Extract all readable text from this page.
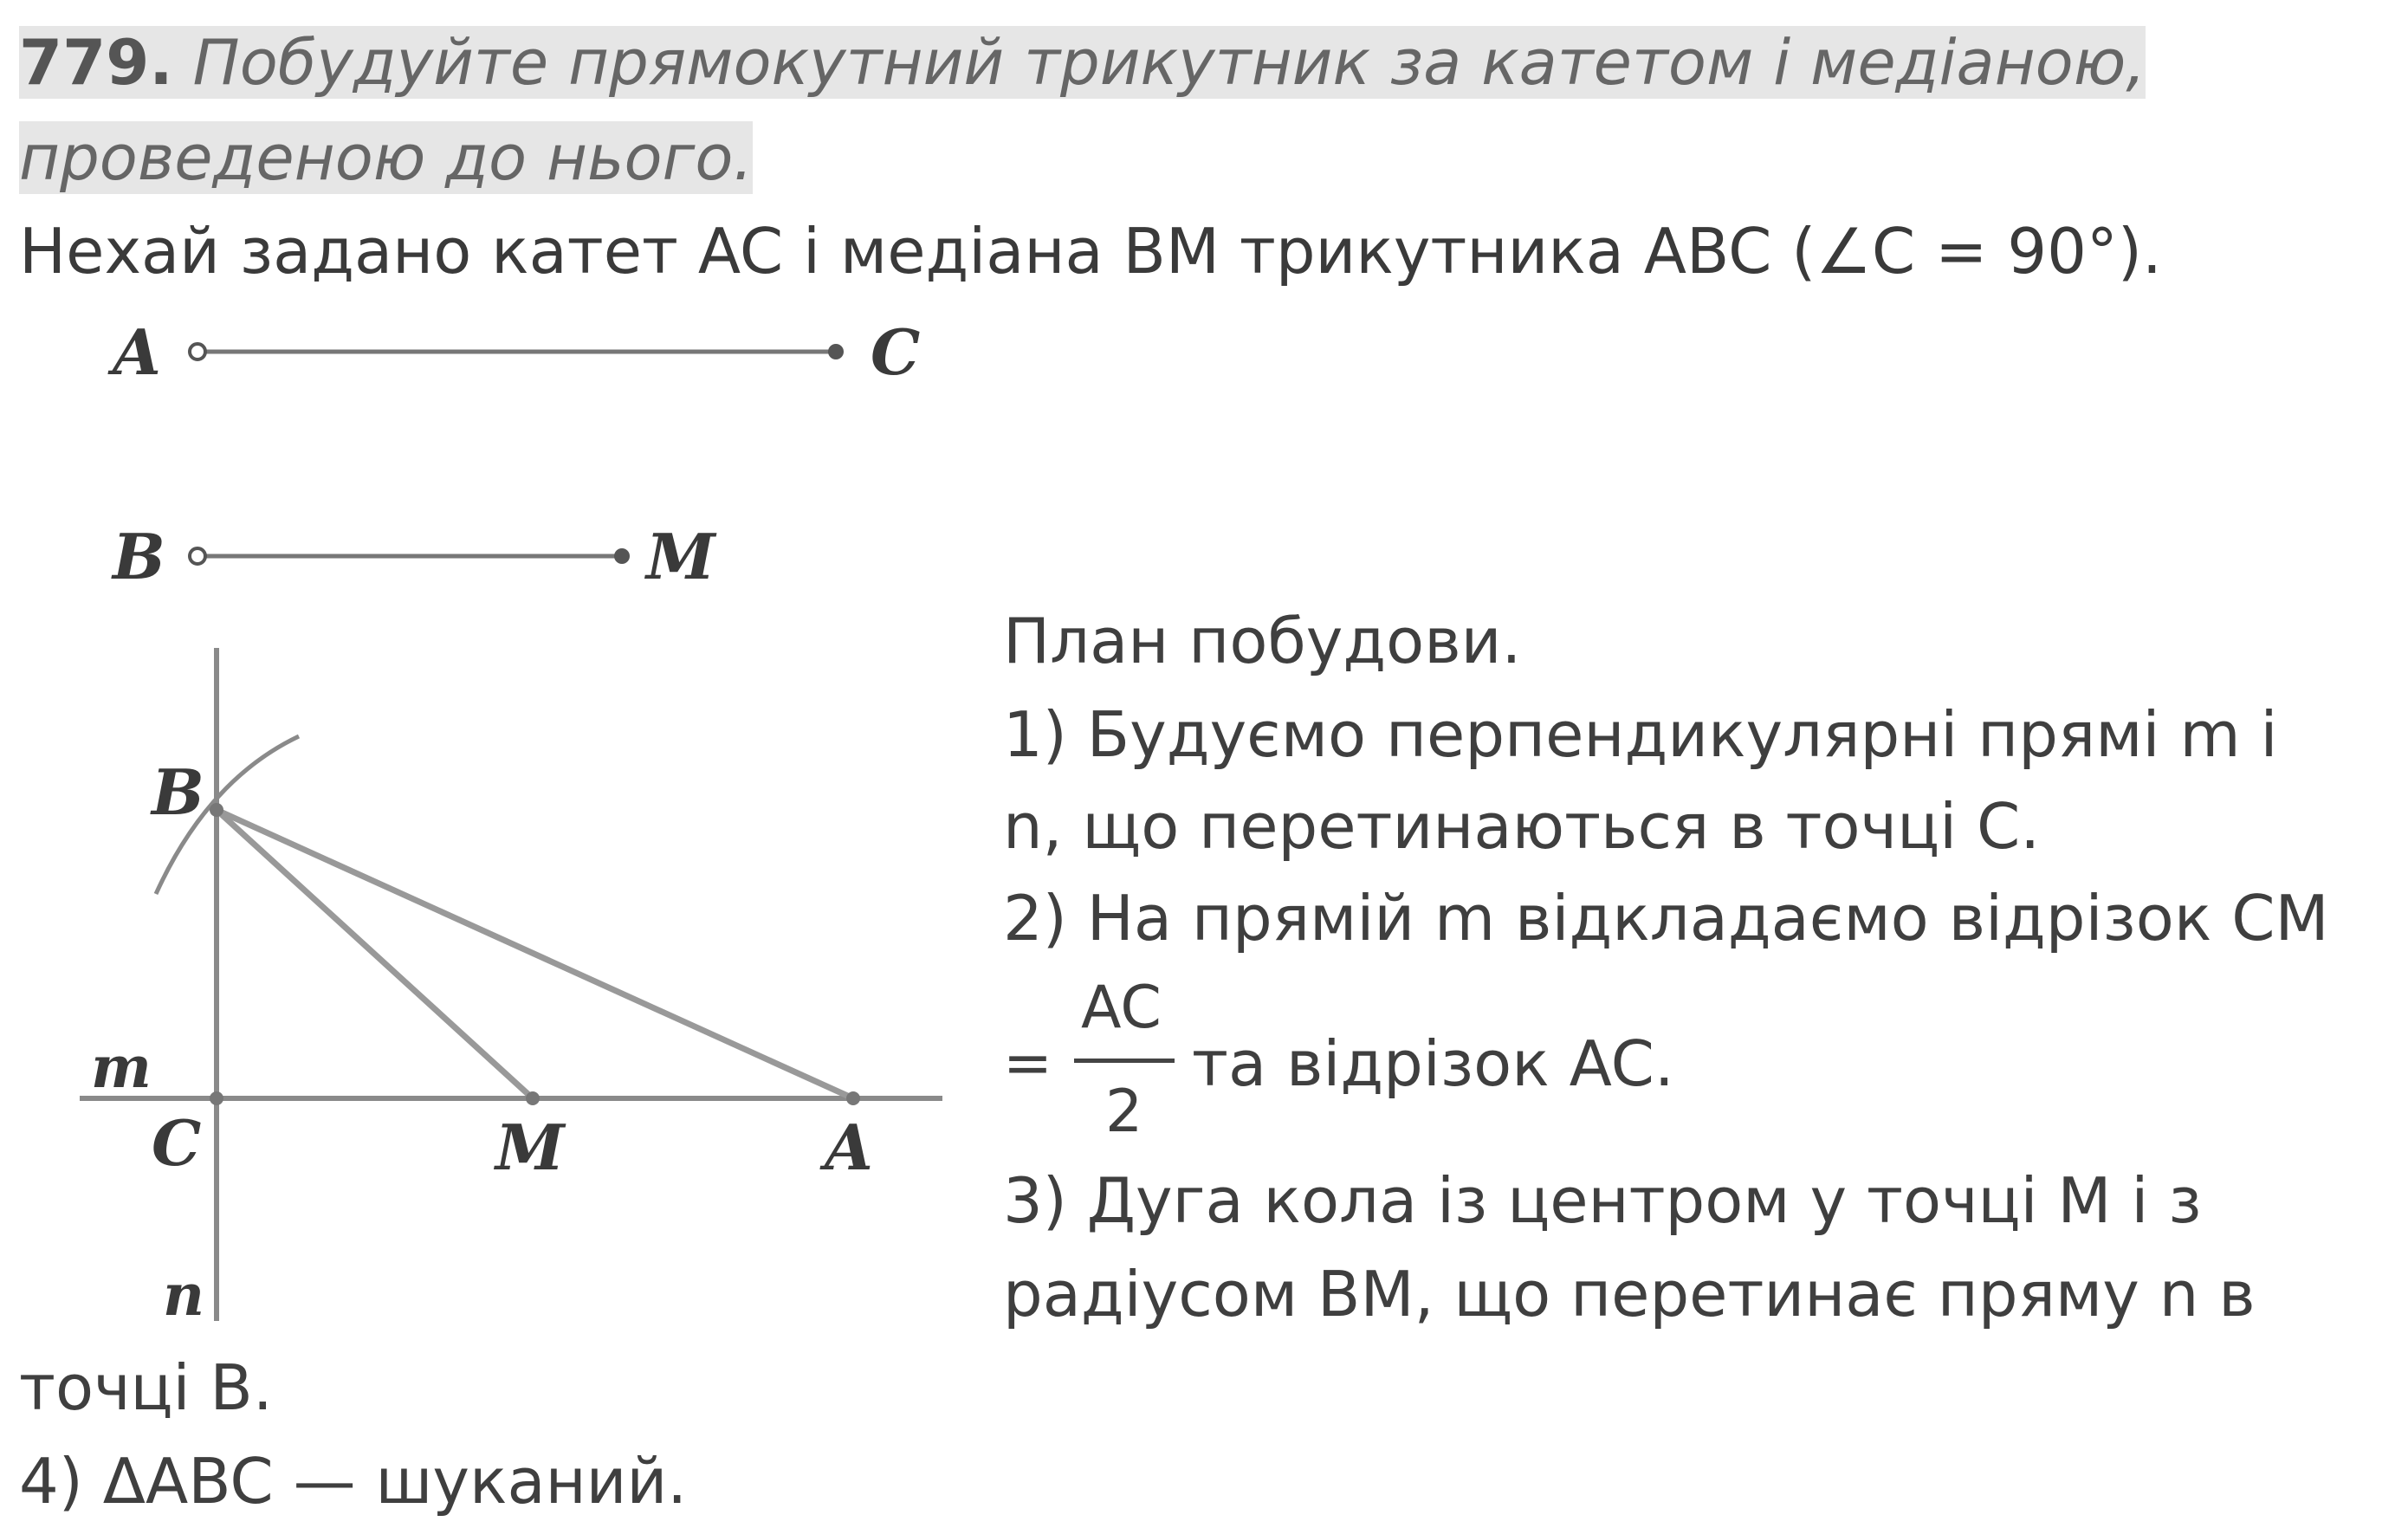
779. Побудуйте прямокутний трикутник за катетом і медіаною,
проведеною до нього.
Нехай задано катет AC і медіана BM трикутника ABC (∠C = 90°).
A	C
B	M
B
m
C	M	A
n
План побудови.
1) Будуємо перпендикулярні прямі m і
n, що перетинаються в точці C.
2) На прямій m відкладаємо відрізок CM
=
AC
2
та відрізок AC.
3) Дуга кола із центром у точці M і з
радіусом BM, що перетинає пряму n в
точці B.
4) ΔABC — шуканий.
